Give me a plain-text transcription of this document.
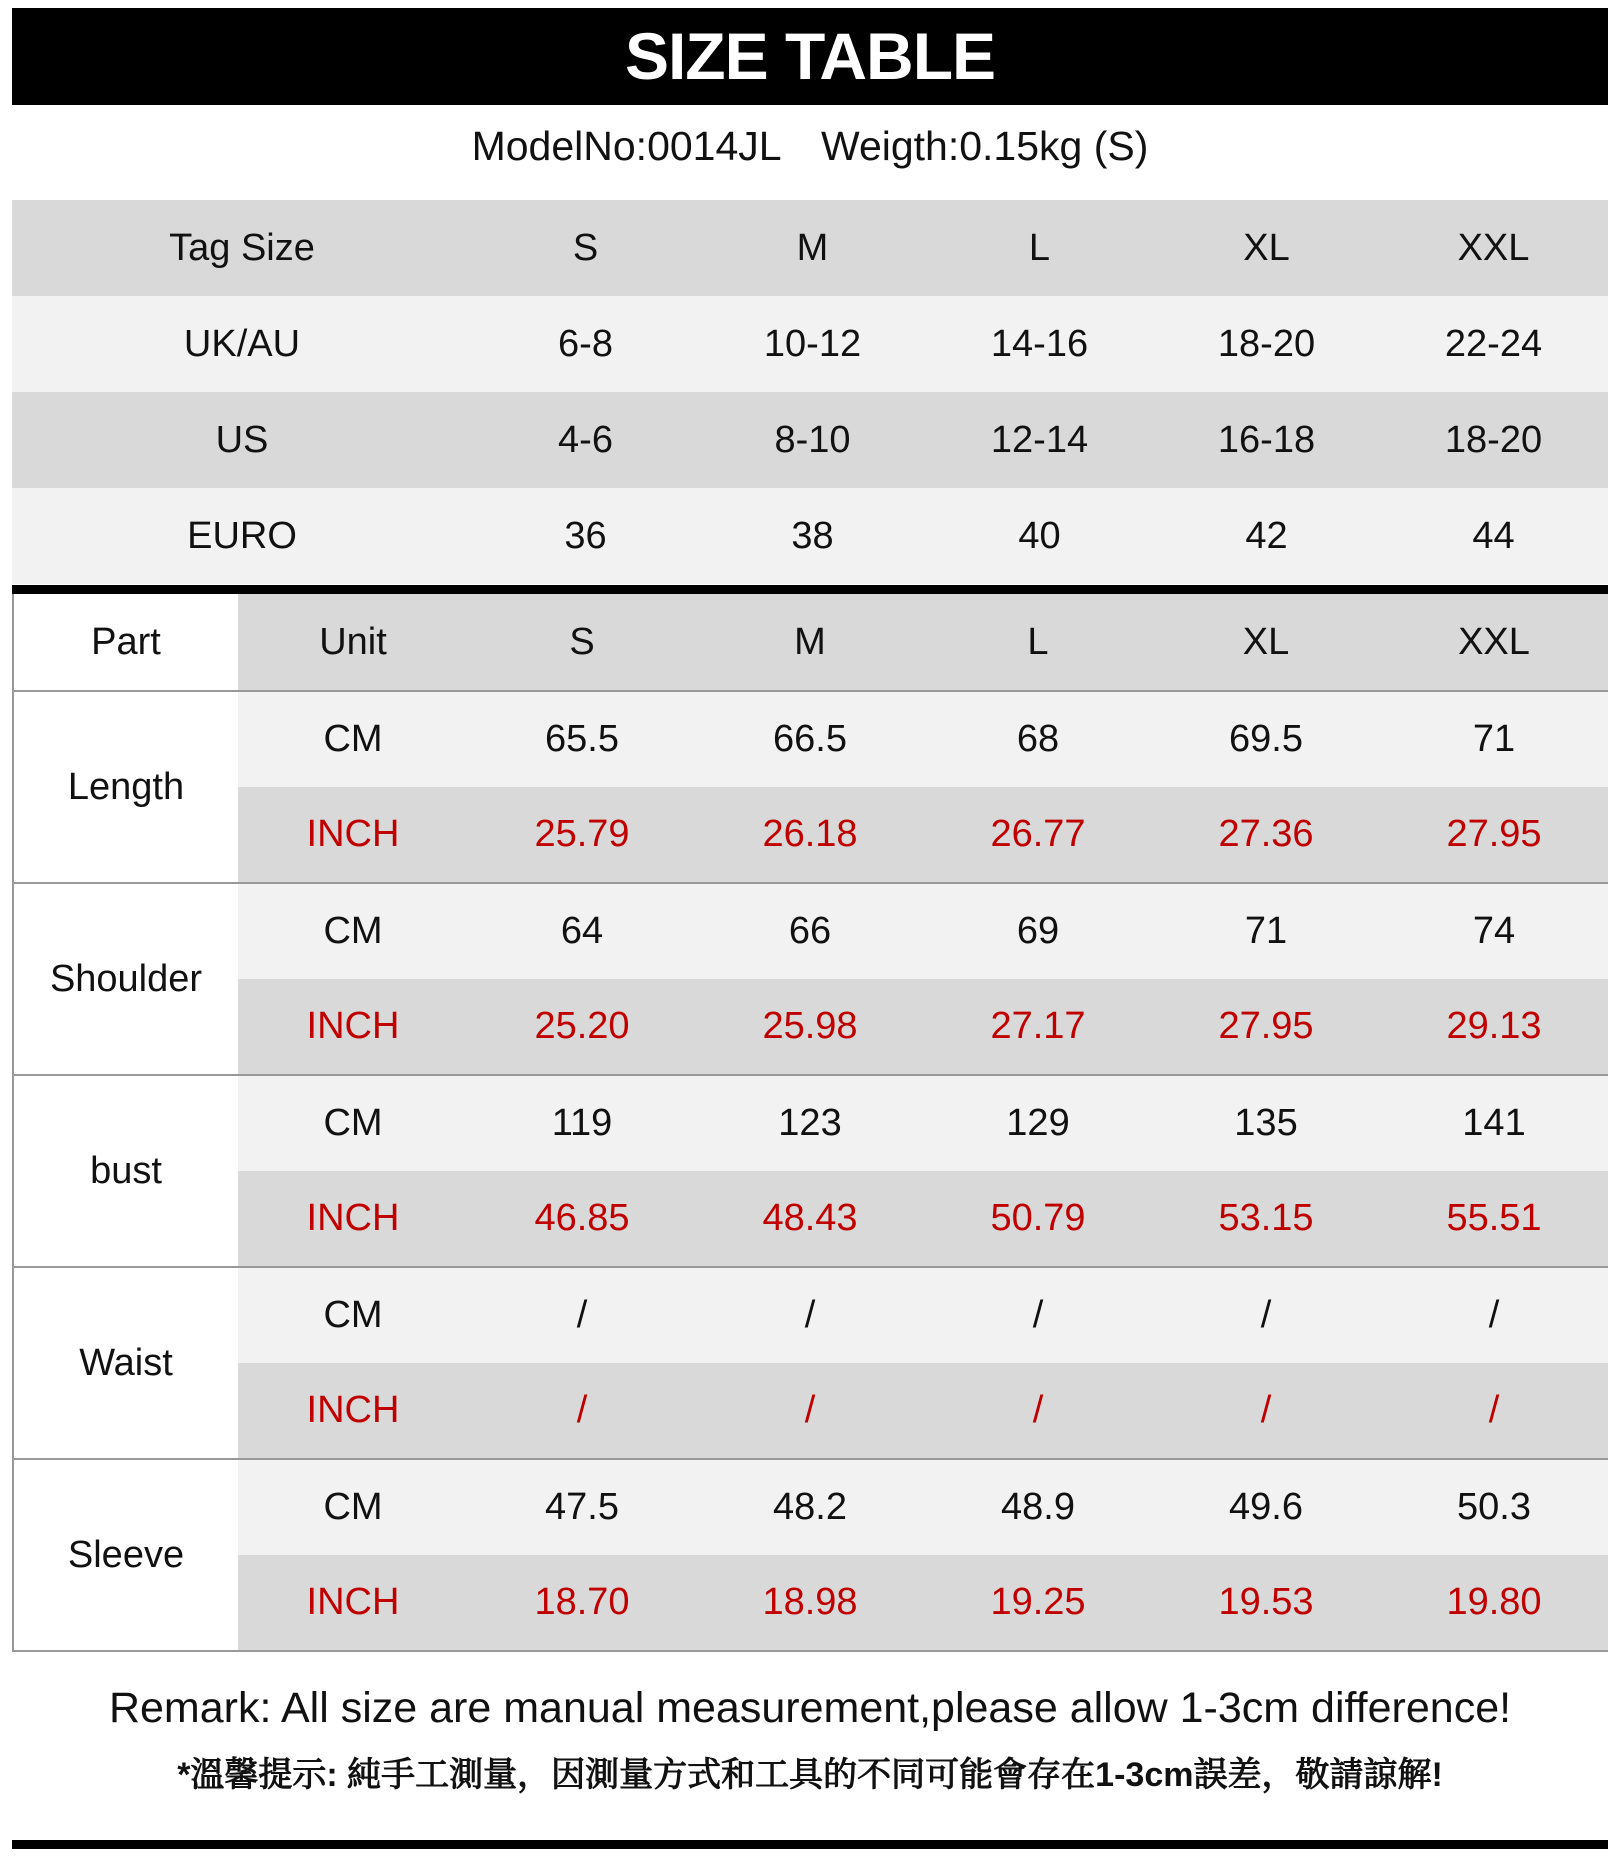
SIZE TABLE
ModelNo:0014JL Weigth:0.15kg (S)
Tag Size	S	M	L	XL	XXL
UK/AU	6-8	10-12	14-16	18-20	22-24
US	4-6	8-10	12-14	16-18	18-20
EURO	36	38	40	42	44
Part	Unit	S	M	L	XL	XXL
Length
CM	65.5	66.5	68	69.5	71
INCH	25.79	26.18	26.77	27.36	27.95
Shoulder
CM	64	66	69	71	74
INCH	25.20	25.98	27.17	27.95	29.13
bust
CM	119	123	129	135	141
INCH	46.85	48.43	50.79	53.15	55.51
Waist
CM	/	/	/	/	/
INCH	/	/	/	/	/
Sleeve
CM	47.5	48.2	48.9	49.6	50.3
INCH	18.70	18.98	19.25	19.53	19.80
Remark: All size are manual measurement,please allow 1-3cm difference!
*溫馨提示: 純手工測量，因測量方式和工具的不同可能會存在1-3cm誤差，敬請諒解!
